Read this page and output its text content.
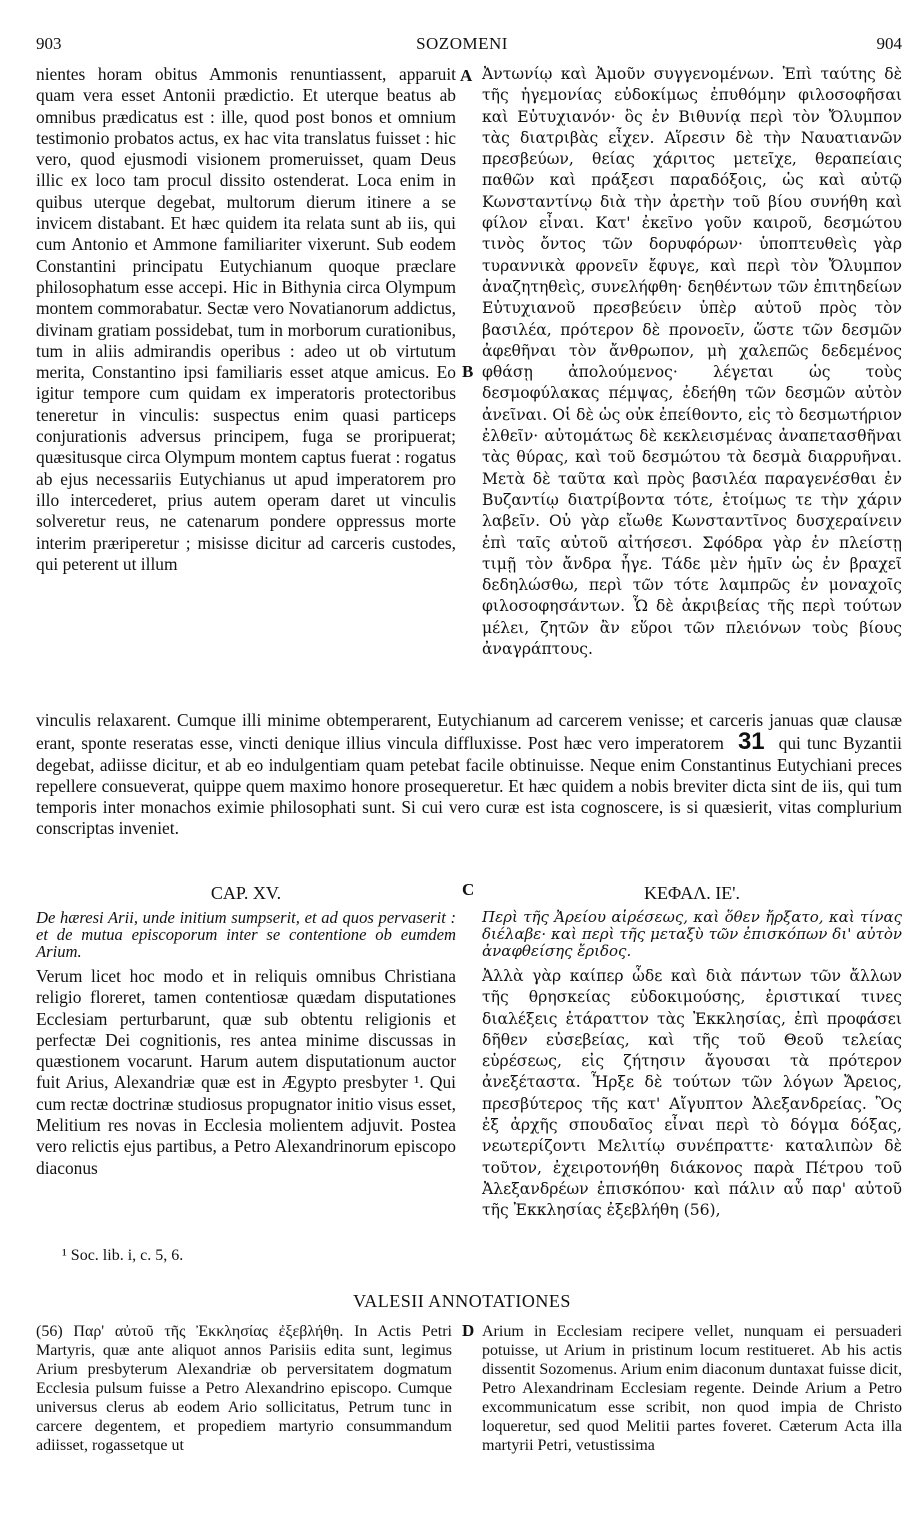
903	SOZOMENI	904
A
B
C
D
nientes horam obitus Ammonis renuntiassent, apparuit quam vera esset Antonii prædictio. Et uterque beatus ab omnibus prædicatus est : ille, quod post bonos et omnium testimonio probatos actus, ex hac vita translatus fuisset : hic vero, quod ejusmodi visionem promeruisset, quam Deus illic ex loco tam procul dissito ostenderat. Loca enim in quibus uterque degebat, multorum dierum itinere a se invicem distabant. Et hæc quidem ita relata sunt ab iis, qui cum Antonio et Ammone familiariter vixerunt. Sub eodem Constantini principatu Eutychianum quoque præclare philosophatum esse accepi. Hic in Bithynia circa Olympum montem commorabatur. Sectæ vero Novatianorum addictus, divinam gratiam possidebat, tum in morborum curationibus, tum in aliis admirandis operibus : adeo ut ob virtutum merita, Constantino ipsi familiaris esset atque amicus. Eo igitur tempore cum quidam ex imperatoris protectoribus teneretur in vinculis: suspectus enim quasi particeps conjurationis adversus principem, fuga se proripuerat; quæsitusque circa Olympum montem captus fuerat : rogatus ab ejus necessariis Eutychianus ut apud imperatorem pro illo intercederet, prius autem operam daret ut vinculis solveretur reus, ne catenarum pondere oppressus morte interim præriperetur ; misisse dicitur ad carceris custodes, qui peterent ut illum
Ἀντωνίῳ καὶ Ἀμοῦν συγγενομένων. Ἐπὶ ταύτης δὲ τῆς ἡγεμονίας εὐδοκίμως ἐπυθόμην φιλοσοφῆσαι καὶ Εὐτυχιανόν· ὃς ἐν Βιθυνίᾳ περὶ τὸν Ὄλυμπον τὰς διατριβὰς εἶχεν. Αἵρεσιν δὲ τὴν Ναυατιανῶν πρεσβεύων, θείας χάριτος μετεῖχε, θεραπείαις παθῶν καὶ πράξεσι παραδόξοις, ὡς καὶ αὐτῷ Κωνσταντίνῳ διὰ τὴν ἀρετὴν τοῦ βίου συνήθη καὶ φίλον εἶναι. Κατ' ἐκεῖνο γοῦν καιροῦ, δεσμώτου τινὸς ὄντος τῶν δορυφόρων· ὑποπτευθεὶς γὰρ τυραννικὰ φρονεῖν ἔφυγε, καὶ περὶ τὸν Ὄλυμπον ἀναζητηθεὶς, συνελήφθη· δεηθέντων τῶν ἐπιτηδείων Εὐτυχιανοῦ πρεσβεύειν ὑπὲρ αὐτοῦ πρὸς τὸν βασιλέα, πρότερον δὲ προνοεῖν, ὥστε τῶν δεσμῶν ἀφεθῆναι τὸν ἄνθρωπον, μὴ χαλεπῶς δεδεμένος φθάσῃ ἀπολούμενος· λέγεται ὡς τοὺς δεσμοφύλακας πέμψας, ἐδεήθη τῶν δεσμῶν αὐτὸν ἀνεῖναι. Οἱ δὲ ὡς οὐκ ἐπείθοντο, εἰς τὸ δεσμωτήριον ἐλθεῖν· αὐτομάτως δὲ κεκλεισμένας ἀναπετασθῆναι τὰς θύρας, καὶ τοῦ δεσμώτου τὰ δεσμὰ διαρρυῆναι. Μετὰ δὲ ταῦτα καὶ πρὸς βασιλέα παραγενέσθαι ἐν Βυζαντίῳ διατρίβοντα τότε, ἑτοίμως τε τὴν χάριν λαβεῖν. Οὐ γὰρ εἴωθε Κωνσταντῖνος δυσχεραίνειν ἐπὶ ταῖς αὐτοῦ αἰτήσεσι. Σφόδρα γὰρ ἐν πλείστῃ τιμῇ τὸν ἄνδρα ἦγε. Τάδε μὲν ἡμῖν ὡς ἐν βραχεῖ δεδηλώσθω, περὶ τῶν τότε λαμπρῶς ἐν μοναχοῖς φιλοσοφησάντων. Ὧ δὲ ἀκριβείας τῆς περὶ τούτων μέλει, ζητῶν ἂν εὕροι τῶν πλειόνων τοὺς βίους ἀναγράπτους.
vinculis relaxarent. Cumque illi minime obtemperarent, Eutychianum ad carcerem venisse; et carceris januas quæ clausæ erant, sponte reseratas esse, vincti denique illius vincula diffluxisse. Post hæc vero imperatorem 31 qui tunc Byzantii degebat, adiisse dicitur, et ab eo indulgentiam quam petebat facile obtinuisse. Neque enim Constantinus Eutychiani preces repellere consueverat, quippe quem maximo honore prosequeretur. Et hæc quidem a nobis breviter dicta sint de iis, qui tum temporis inter monachos eximie philosophati sunt. Si cui vero curæ est ista cognoscere, is si quæsierit, vitas complurium conscriptas inveniet.
CAP. XV.	ΚΕΦΑΛ. ΙΕ'.
De hæresi Arii, unde initium sumpserit, et ad quos pervaserit : et de mutua episcoporum inter se contentione ob eumdem Arium.
Περὶ τῆς Ἀρείου αἱρέσεως, καὶ ὅθεν ἤρξατο, καὶ τίνας διέλαβε· καὶ περὶ τῆς μεταξὺ τῶν ἐπισκόπων δι' αὐτὸν ἀναφθείσης ἔριδος.
Verum licet hoc modo et in reliquis omnibus Christiana religio floreret, tamen contentiosæ quædam disputationes Ecclesiam perturbarunt, quæ sub obtentu religionis et perfectæ Dei cognitionis, res antea minime discussas in quæstionem vocarunt. Harum autem disputationum auctor fuit Arius, Alexandriæ quæ est in Ægypto presbyter ¹. Qui cum rectæ doctrinæ studiosus propugnator initio visus esset, Melitium res novas in Ecclesia molientem adjuvit. Postea vero relictis ejus partibus, a Petro Alexandrinorum episcopo diaconus
Ἀλλὰ γὰρ καίπερ ὧδε καὶ διὰ πάντων τῶν ἄλλων τῆς θρησκείας εὐδοκιμούσης, ἐριστικαί τινες διαλέξεις ἐτάραττον τὰς Ἐκκλησίας, ἐπὶ προφάσει δῆθεν εὐσεβείας, καὶ τῆς τοῦ Θεοῦ τελείας εὑρέσεως, εἰς ζήτησιν ἄγουσαι τὰ πρότερον ἀνεξέταστα. Ἦρξε δὲ τούτων τῶν λόγων Ἄρειος, πρεσβύτερος τῆς κατ' Αἴγυπτον Ἀλεξανδρείας. Ὃς ἐξ ἀρχῆς σπουδαῖος εἶναι περὶ τὸ δόγμα δόξας, νεωτερίζοντι Μελιτίῳ συνέπραττε· καταλιπὼν δὲ τοῦτον, ἐχειροτονήθη διάκονος παρὰ Πέτρου τοῦ Ἀλεξανδρέων ἐπισκόπου· καὶ πάλιν αὖ παρ' αὐτοῦ τῆς Ἐκκλησίας ἐξεβλήθη (56),
¹ Soc. lib. i, c. 5, 6.
VALESII ANNOTATIONES
(56) Παρ' αὐτοῦ τῆς Ἐκκλησίας ἐξεβλήθη. In Actis Petri Martyris, quæ ante aliquot annos Parisiis edita sunt, legimus Arium presbyterum Alexandriæ ob perversitatem dogmatum Ecclesia pulsum fuisse a Petro Alexandrino episcopo. Cumque universus clerus ab eodem Ario sollicitatus, Petrum tunc in carcere degentem, et propediem martyrio consummandum adiisset, rogassetque ut
Arium in Ecclesiam recipere vellet, nunquam ei persuaderi potuisse, ut Arium in pristinum locum restitueret. Ab his actis dissentit Sozomenus. Arium enim diaconum duntaxat fuisse dicit, Petro Alexandrinam Ecclesiam regente. Deinde Arium a Petro excommunicatum esse scribit, non quod impia de Christo loqueretur, sed quod Melitii partes foveret. Cæterum Acta illa martyrii Petri, vetustissima
